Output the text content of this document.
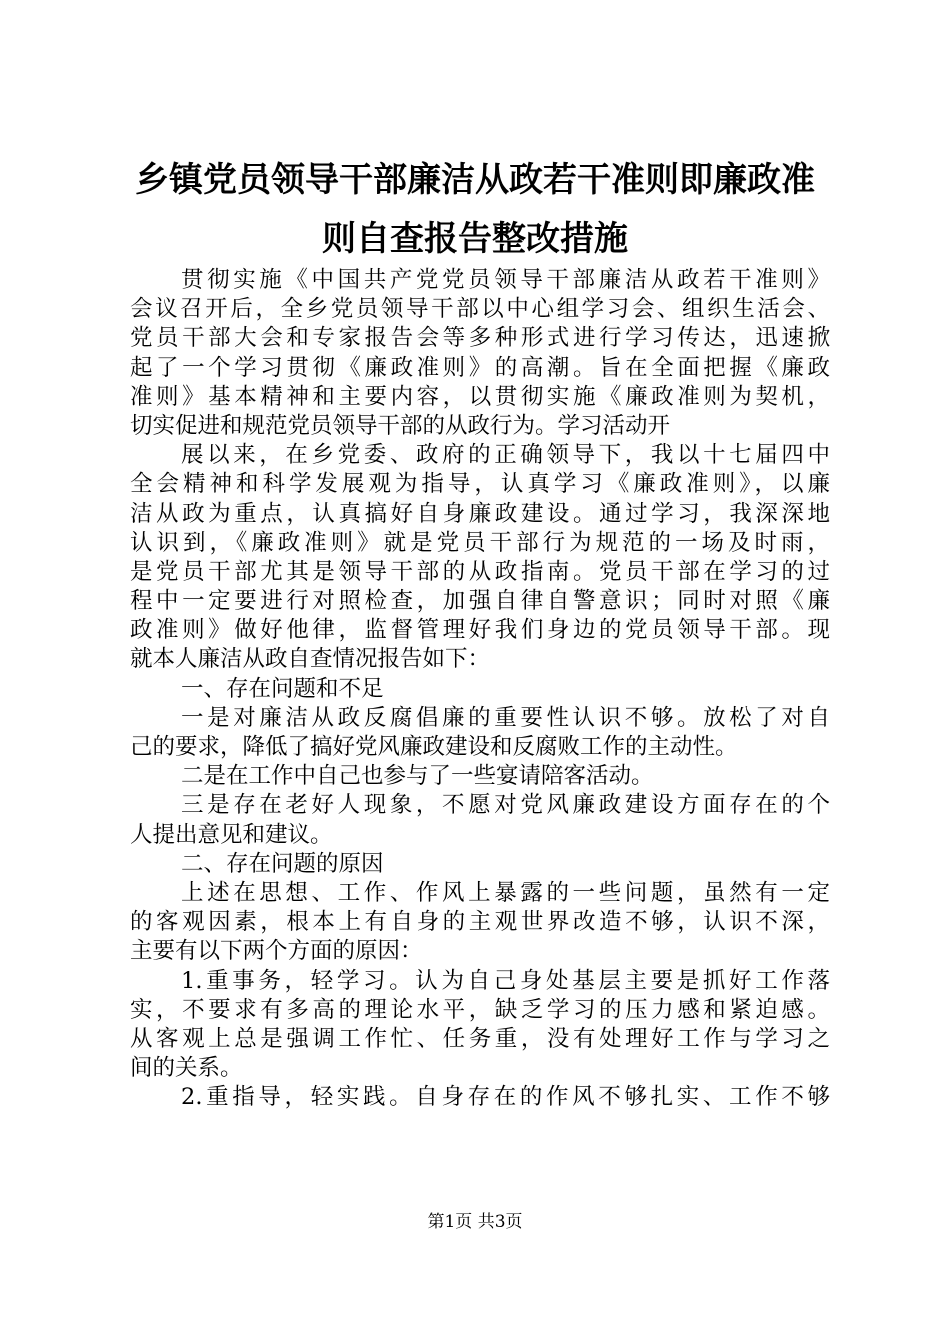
乡镇党员领导干部廉洁从政若干准则即廉政准
则自查报告整改措施
贯彻实施《中国共产党党员领导干部廉洁从政若干准则》
会议召开后，全乡党员领导干部以中心组学习会、组织生活会、
党员干部大会和专家报告会等多种形式进行学习传达，迅速掀
起了一个学习贯彻《廉政准则》的高潮。旨在全面把握《廉政
准则》基本精神和主要内容，以贯彻实施《廉政准则为契机，
切实促进和规范党员领导干部的从政行为。学习活动开
展以来，在乡党委、政府的正确领导下，我以十七届四中
全会精神和科学发展观为指导，认真学习《廉政准则》，以廉
洁从政为重点，认真搞好自身廉政建设。通过学习，我深深地
认识到，《廉政准则》就是党员干部行为规范的一场及时雨，
是党员干部尤其是领导干部的从政指南。党员干部在学习的过
程中一定要进行对照检查，加强自律自警意识；同时对照《廉
政准则》做好他律，监督管理好我们身边的党员领导干部。现
就本人廉洁从政自查情况报告如下：
一、存在问题和不足
一是对廉洁从政反腐倡廉的重要性认识不够。放松了对自
己的要求，降低了搞好党风廉政建设和反腐败工作的主动性。
二是在工作中自己也参与了一些宴请陪客活动。
三是存在老好人现象，不愿对党风廉政建设方面存在的个
人提出意见和建议。
二、存在问题的原因
上述在思想、工作、作风上暴露的一些问题，虽然有一定
的客观因素，根本上有自身的主观世界改造不够，认识不深，
主要有以下两个方面的原因：
1.重事务，轻学习。认为自己身处基层主要是抓好工作落
实，不要求有多高的理论水平，缺乏学习的压力感和紧迫感。
从客观上总是强调工作忙、任务重，没有处理好工作与学习之
间的关系。
2.重指导，轻实践。自身存在的作风不够扎实、工作不够
第1页 共3页
